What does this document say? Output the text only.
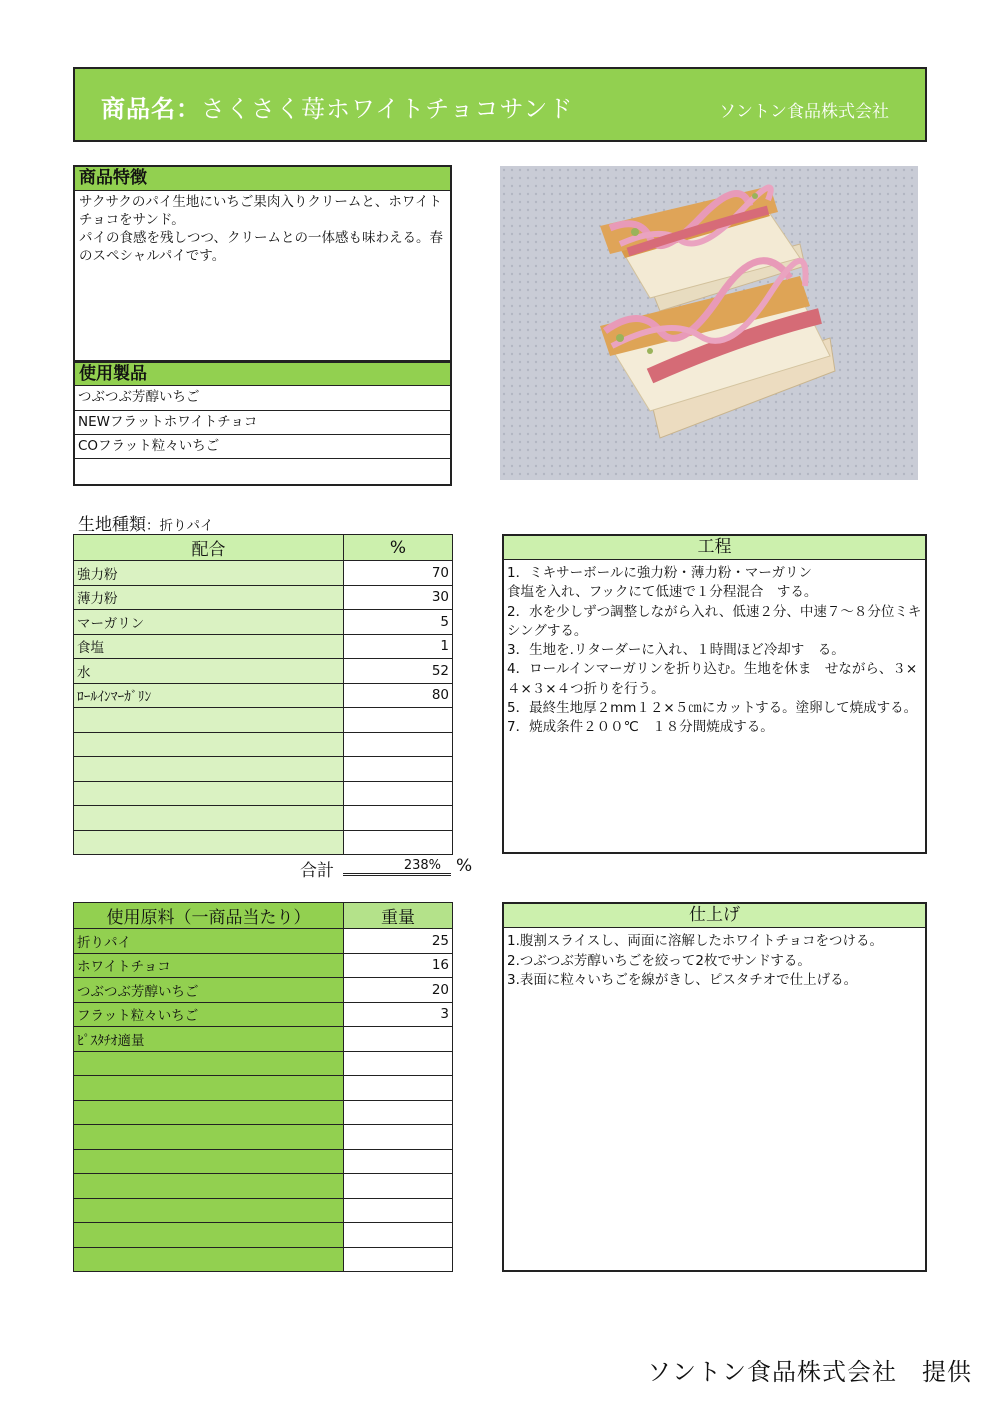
商品名：さくさく苺ホワイトチョコサンド	ソントン食品株式会社
商品特徴
サクサクのパイ生地にいちご果肉入りクリームと、ホワイトチョコをサンド。
パイの食感を残しつつ、クリームとの一体感も味わえる。春のスペシャルパイです。
使用製品
つぶつぶ芳醇いちご
NEWフラットホワイトチョコ
COフラット粒々いちご
生地種類：折りパイ
配合	%
強力粉	70
薄力粉	30
マーガリン	5
食塩	1
水	52
ﾛｰﾙｲﾝﾏｰｶﾞﾘﾝ	80

合計	238% %
工程
1．ミキサーボールに強力粉・薄力粉・マーガリン
食塩を入れ、フックにて低速で１分程混合　する。
2．水を少しずつ調整しながら入れ、低速２分、中速７～８分位ミキシングする。
3．生地を.リターダーに入れ、１時間ほど冷却す　る。
4．ロールインマーガリンを折り込む。生地を休ま　せながら、３×４×３×４つ折りを行う。
5．最終生地厚２mm１２×５㎝にカットする。塗卵して焼成する。
7．焼成条件２００℃　１８分間焼成する。
使用原料（一商品当たり）	重量
折りパイ	25
ホワイトチョコ	16
つぶつぶ芳醇いちご	20
フラット粒々いちご	3
ﾋﾟｽﾀﾁｵ適量	

仕上げ
1.腹割スライスし、両面に溶解したホワイトチョコをつける。
2.つぶつぶ芳醇いちごを絞って2枚でサンドする。
3.表面に粒々いちごを線がきし、ピスタチオで仕上げる。
ソントン食品株式会社　提供
